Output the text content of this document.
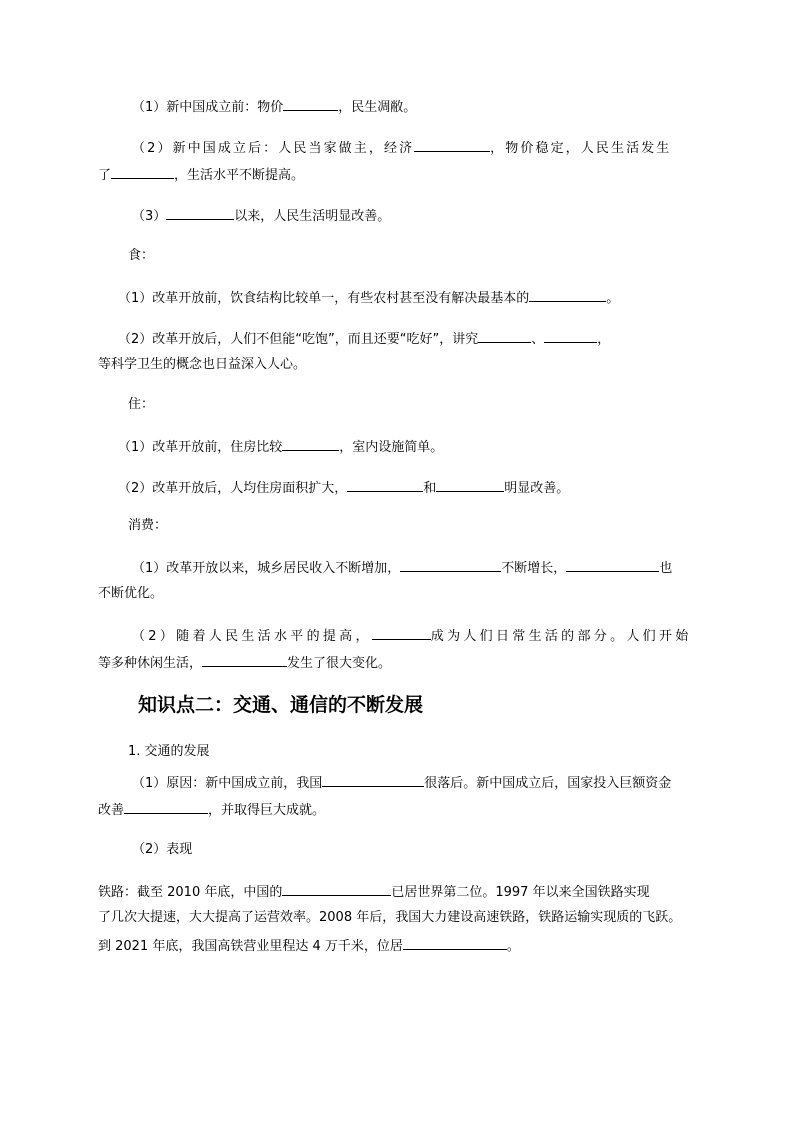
（1）新中国成立前：物价	，民生凋敝。

（2）新中国成立后：人民当家做主，经济	，物价稳定，人民生活发生

了	，生活水平不断提高。

（3）	以来，人民生活明显改善。

食：

（1）改革开放前，饮食结构比较单一，有些农村甚至没有解决最基本的	。

（2）改革开放后，人们不但能“吃饱”，而且还要“吃好”，讲究	、	，

等科学卫生的概念也日益深入人心。

住：

（1）改革开放前，住房比较	，室内设施简单。

（2）改革开放后，人均住房面积扩大，	和	明显改善。

消费：

（1）改革开放以来，城乡居民收入不断增加，	不断增长，	也

不断优化。

（2）随着人民生活水平的提高，	成为人们日常生活的部分。人们开始

等多种休闲生活，	发生了很大变化。

知识点二：交通、通信的不断发展

1. 交通的发展

（1）原因：新中国成立前，我国	很落后。新中国成立后，国家投入巨额资金

改善	，并取得巨大成就。

（2）表现

铁路：截至 2010 年底，中国的	已居世界第二位。1997 年以来全国铁路实现

了几次大提速，大大提高了运营效率。2008 年后，我国大力建设高速铁路，铁路运输实现质的飞跃。

到 2021 年底，我国高铁营业里程达 4 万千米，位居	。
